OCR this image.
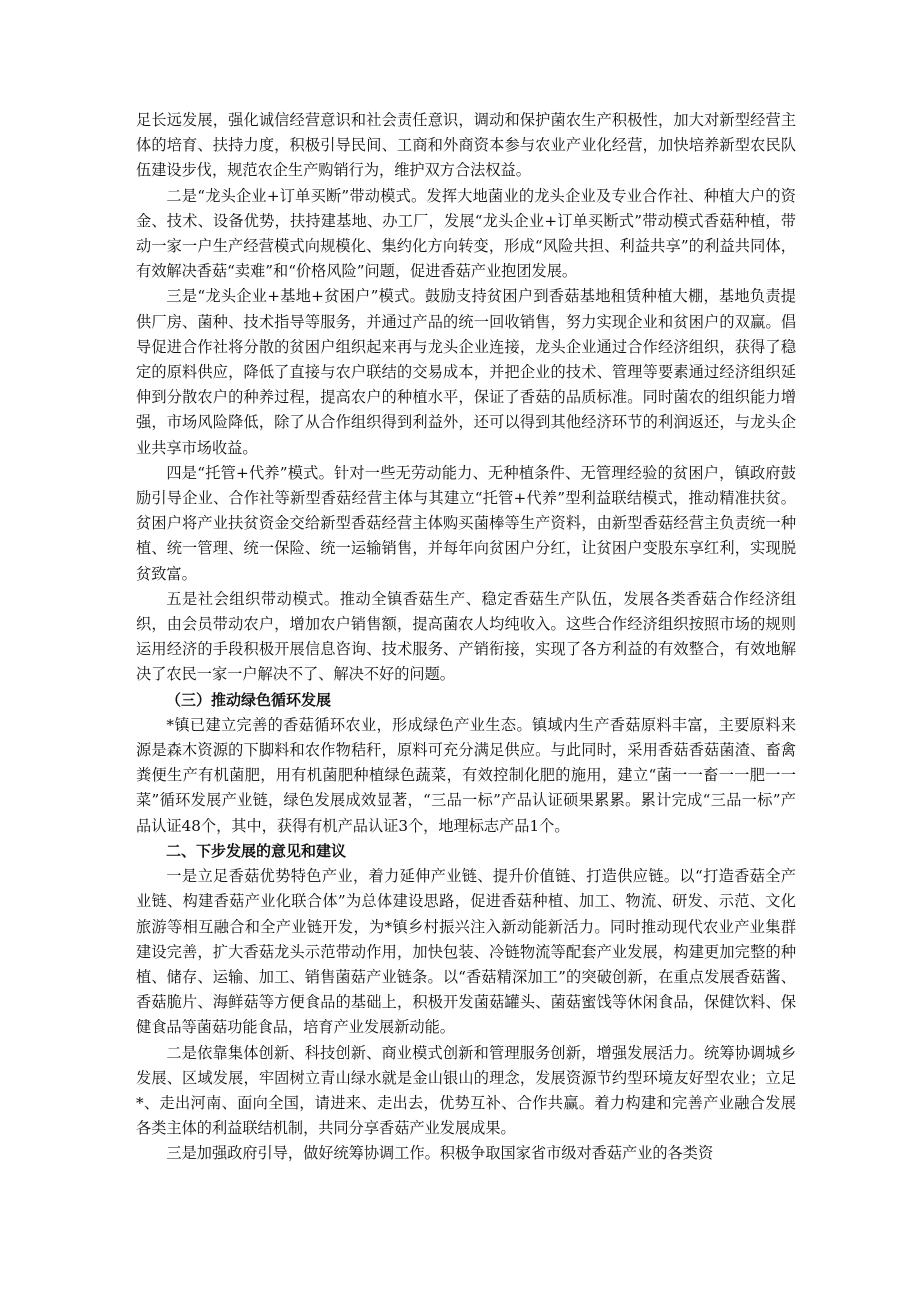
足长远发展，强化诚信经营意识和社会责任意识，调动和保护菌农生产积极性，加大对新型经营主体的培育、扶持力度，积极引导民间、工商和外商资本参与农业产业化经营，加快培养新型农民队伍建设步伐，规范农企生产购销行为，维护双方合法权益。

二是“龙头企业+订单买断”带动模式。发挥大地菌业的龙头企业及专业合作社、种植大户的资金、技术、设备优势，扶持建基地、办工厂，发展“龙头企业+订单买断式”带动模式香菇种植，带动一家一户生产经营模式向规模化、集约化方向转变，形成“风险共担、利益共享”的利益共同体，有效解决香菇“卖难”和“价格风险”问题，促进香菇产业抱团发展。

三是“龙头企业+基地+贫困户”模式。鼓励支持贫困户到香菇基地租赁种植大棚，基地负责提供厂房、菌种、技术指导等服务，并通过产品的统一回收销售，努力实现企业和贫困户的双赢。倡导促进合作社将分散的贫困户组织起来再与龙头企业连接，龙头企业通过合作经济组织，获得了稳定的原料供应，降低了直接与农户联结的交易成本，并把企业的技术、管理等要素通过经济组织延伸到分散农户的种养过程，提高农户的种植水平，保证了香菇的品质标准。同时菌农的组织能力增强，市场风险降低，除了从合作组织得到利益外，还可以得到其他经济环节的利润返还，与龙头企业共享市场收益。

四是“托管+代养”模式。针对一些无劳动能力、无种植条件、无管理经验的贫困户，镇政府鼓励引导企业、合作社等新型香菇经营主体与其建立“托管+代养”型利益联结模式，推动精准扶贫。贫困户将产业扶贫资金交给新型香菇经营主体购买菌棒等生产资料，由新型香菇经营主负责统一种植、统一管理、统一保险、统一运输销售，并每年向贫困户分红，让贫困户变股东享红利，实现脱贫致富。

五是社会组织带动模式。推动全镇香菇生产、稳定香菇生产队伍，发展各类香菇合作经济组织，由会员带动农户，增加农户销售额，提高菌农人均纯收入。这些合作经济组织按照市场的规则运用经济的手段积极开展信息咨询、技术服务、产销衔接，实现了各方利益的有效整合，有效地解决了农民一家一户解决不了、解决不好的问题。

（三）推动绿色循环发展

*镇已建立完善的香菇循环农业，形成绿色产业生态。镇域内生产香菇原料丰富，主要原料来源是森木资源的下脚料和农作物秸秆，原料可充分满足供应。与此同时，采用香菇香菇菌渣、畜禽粪便生产有机菌肥，用有机菌肥种植绿色蔬菜，有效控制化肥的施用，建立“菌一一畜一一肥一一菜”循环发展产业链，绿色发展成效显著，“三品一标”产品认证硕果累累。累计完成“三品一标”产品认证48个，其中，获得有机产品认证3个，地理标志产品1个。

二、下步发展的意见和建议

一是立足香菇优势特色产业，着力延伸产业链、提升价值链、打造供应链。以“打造香菇全产业链、构建香菇产业化联合体”为总体建设思路，促进香菇种植、加工、物流、研发、示范、文化旅游等相互融合和全产业链开发，为*镇乡村振兴注入新动能新活力。同时推动现代农业产业集群建设完善，扩大香菇龙头示范带动作用，加快包装、冷链物流等配套产业发展，构建更加完整的种植、储存、运输、加工、销售菌菇产业链条。以“香菇精深加工”的突破创新，在重点发展香菇酱、香菇脆片、海鲜菇等方便食品的基础上，积极开发菌菇罐头、菌菇蜜饯等休闲食品，保健饮料、保健食品等菌菇功能食品，培育产业发展新动能。

二是依靠集体创新、科技创新、商业模式创新和管理服务创新，增强发展活力。统筹协调城乡发展、区域发展，牢固树立青山绿水就是金山银山的理念，发展资源节约型环境友好型农业；立足*、走出河南、面向全国，请进来、走出去，优势互补、合作共赢。着力构建和完善产业融合发展各类主体的利益联结机制，共同分享香菇产业发展成果。

三是加强政府引导，做好统筹协调工作。积极争取国家省市级对香菇产业的各类资
